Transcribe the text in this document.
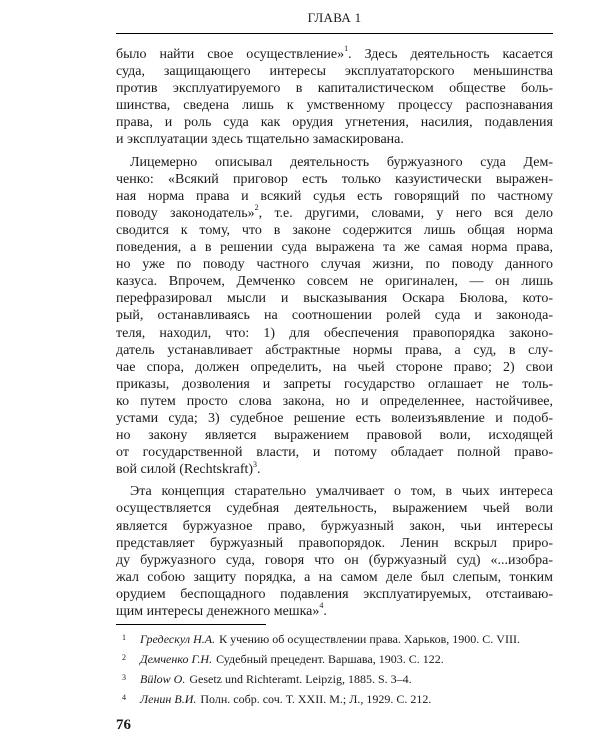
ГЛАВА 1
было найти свое осуществление»$^1$. Здесь деятельность касается
суда, защищающего интересы эксплуататорского меньшинства
против эксплуатируемого в капиталистическом обществе боль-
шинства, сведена лишь к умственному процессу распознавания
права, и роль суда как орудия угнетения, насилия, подавления
и эксплуатации здесь тщательно замаскирована.
Лицемерно описывал деятельность буржуазного суда Дем-
ченко: «Всякий приговор есть только казуистически выражен-
ная норма права и всякий судья есть говорящий по частному
поводу законодатель»$^2$, т.е. другими, словами, у него вся дело
сводится к тому, что в законе содержится лишь общая норма
поведения, а в решении суда выражена та же самая норма права,
но уже по поводу частного случая жизни, по поводу данного
казуса. Впрочем, Демченко совсем не оригинален, — он лишь
перефразировал мысли и высказывания Оскара Бюлова, кото-
рый, останавливаясь на соотношении ролей суда и законода-
теля, находил, что: 1) для обеспечения правопорядка законо-
датель устанавливает абстрактные нормы права, а суд, в слу-
чае спора, должен определить, на чьей стороне право; 2) свои
приказы, дозволения и запреты государство оглашает не толь-
ко путем просто слова закона, но и определеннее, настойчивее,
устами суда; 3) судебное решение есть волеизъявление и подоб-
но закону является выражением правовой воли, исходящей
от государственной власти, и потому обладает полной право-
вой силой (Rechtskraft)$^3$.
Эта концепция старательно умалчивает о том, в чьих интереса
осуществляется судебная деятельность, выражением чьей воли
является буржуазное право, буржуазный закон, чьи интересы
представляет буржуазный правопорядок. Ленин вскрыл приро-
ду буржуазного суда, говоря что он (буржуазный суд) «...изобра-
жал собою защиту порядка, а на самом деле был слепым, тонким
орудием беспощадного подавления эксплуатируемых, отстаиваю-
щим интересы денежного мешка»$^4$.
1	Гредескул Н.А. К учению об осуществлении права. Харьков, 1900. С. VIII.
2	Демченко Г.Н. Судебный прецедент. Варшава, 1903. С. 122.
3	Bülow O. Gesetz und Richteramt. Leipzig, 1885. S. 3–4.
4	Ленин В.И. Полн. собр. соч. Т. XXII. М.; Л., 1929. С. 212.
76
